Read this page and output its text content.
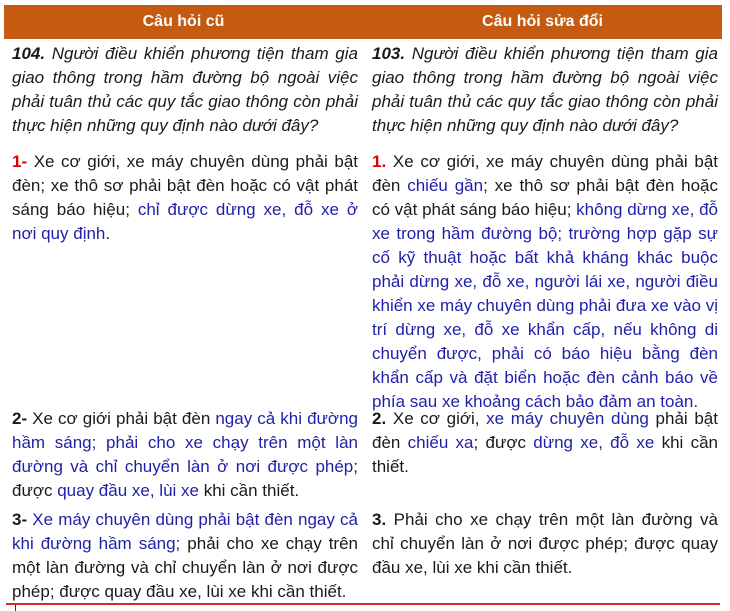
Câu hỏi cũ	Câu hỏi sửa đổi
104. Người điều khiển phương tiện tham gia giao thông trong hầm đường bộ ngoài việc phải tuân thủ các quy tắc giao thông còn phải thực hiện những quy định nào dưới đây?
1- Xe cơ giới, xe máy chuyên dùng phải bật đèn; xe thô sơ phải bật đèn hoặc có vật phát sáng báo hiệu; chỉ được dừng xe, đỗ xe ở nơi quy định.
2- Xe cơ giới phải bật đèn ngay cả khi đường hầm sáng; phải cho xe chạy trên một làn đường và chỉ chuyển làn ở nơi được phép; được quay đầu xe, lùi xe khi cần thiết.
3- Xe máy chuyên dùng phải bật đèn ngay cả khi đường hầm sáng; phải cho xe chạy trên một làn đường và chỉ chuyển làn ở nơi được phép; được quay đầu xe, lùi xe khi cần thiết.
103. Người điều khiển phương tiện tham gia giao thông trong hầm đường bộ ngoài việc phải tuân thủ các quy tắc giao thông còn phải thực hiện những quy định nào dưới đây?
1. Xe cơ giới, xe máy chuyên dùng phải bật đèn chiếu gần; xe thô sơ phải bật đèn hoặc có vật phát sáng báo hiệu; không dừng xe, đỗ xe trong hầm đường bộ; trường hợp gặp sự cố kỹ thuật hoặc bất khả kháng khác buộc phải dừng xe, đỗ xe, người lái xe, người điều khiển xe máy chuyên dùng phải đưa xe vào vị trí dừng xe, đỗ xe khẩn cấp, nếu không di chuyển được, phải có báo hiệu bằng đèn khẩn cấp và đặt biển hoặc đèn cảnh báo về phía sau xe khoảng cách bảo đảm an toàn.
2. Xe cơ giới, xe máy chuyên dùng phải bật đèn chiếu xa; được dừng xe, đỗ xe khi cần thiết.
3. Phải cho xe chạy trên một làn đường và chỉ chuyển làn ở nơi được phép; được quay đầu xe, lùi xe khi cần thiết.
